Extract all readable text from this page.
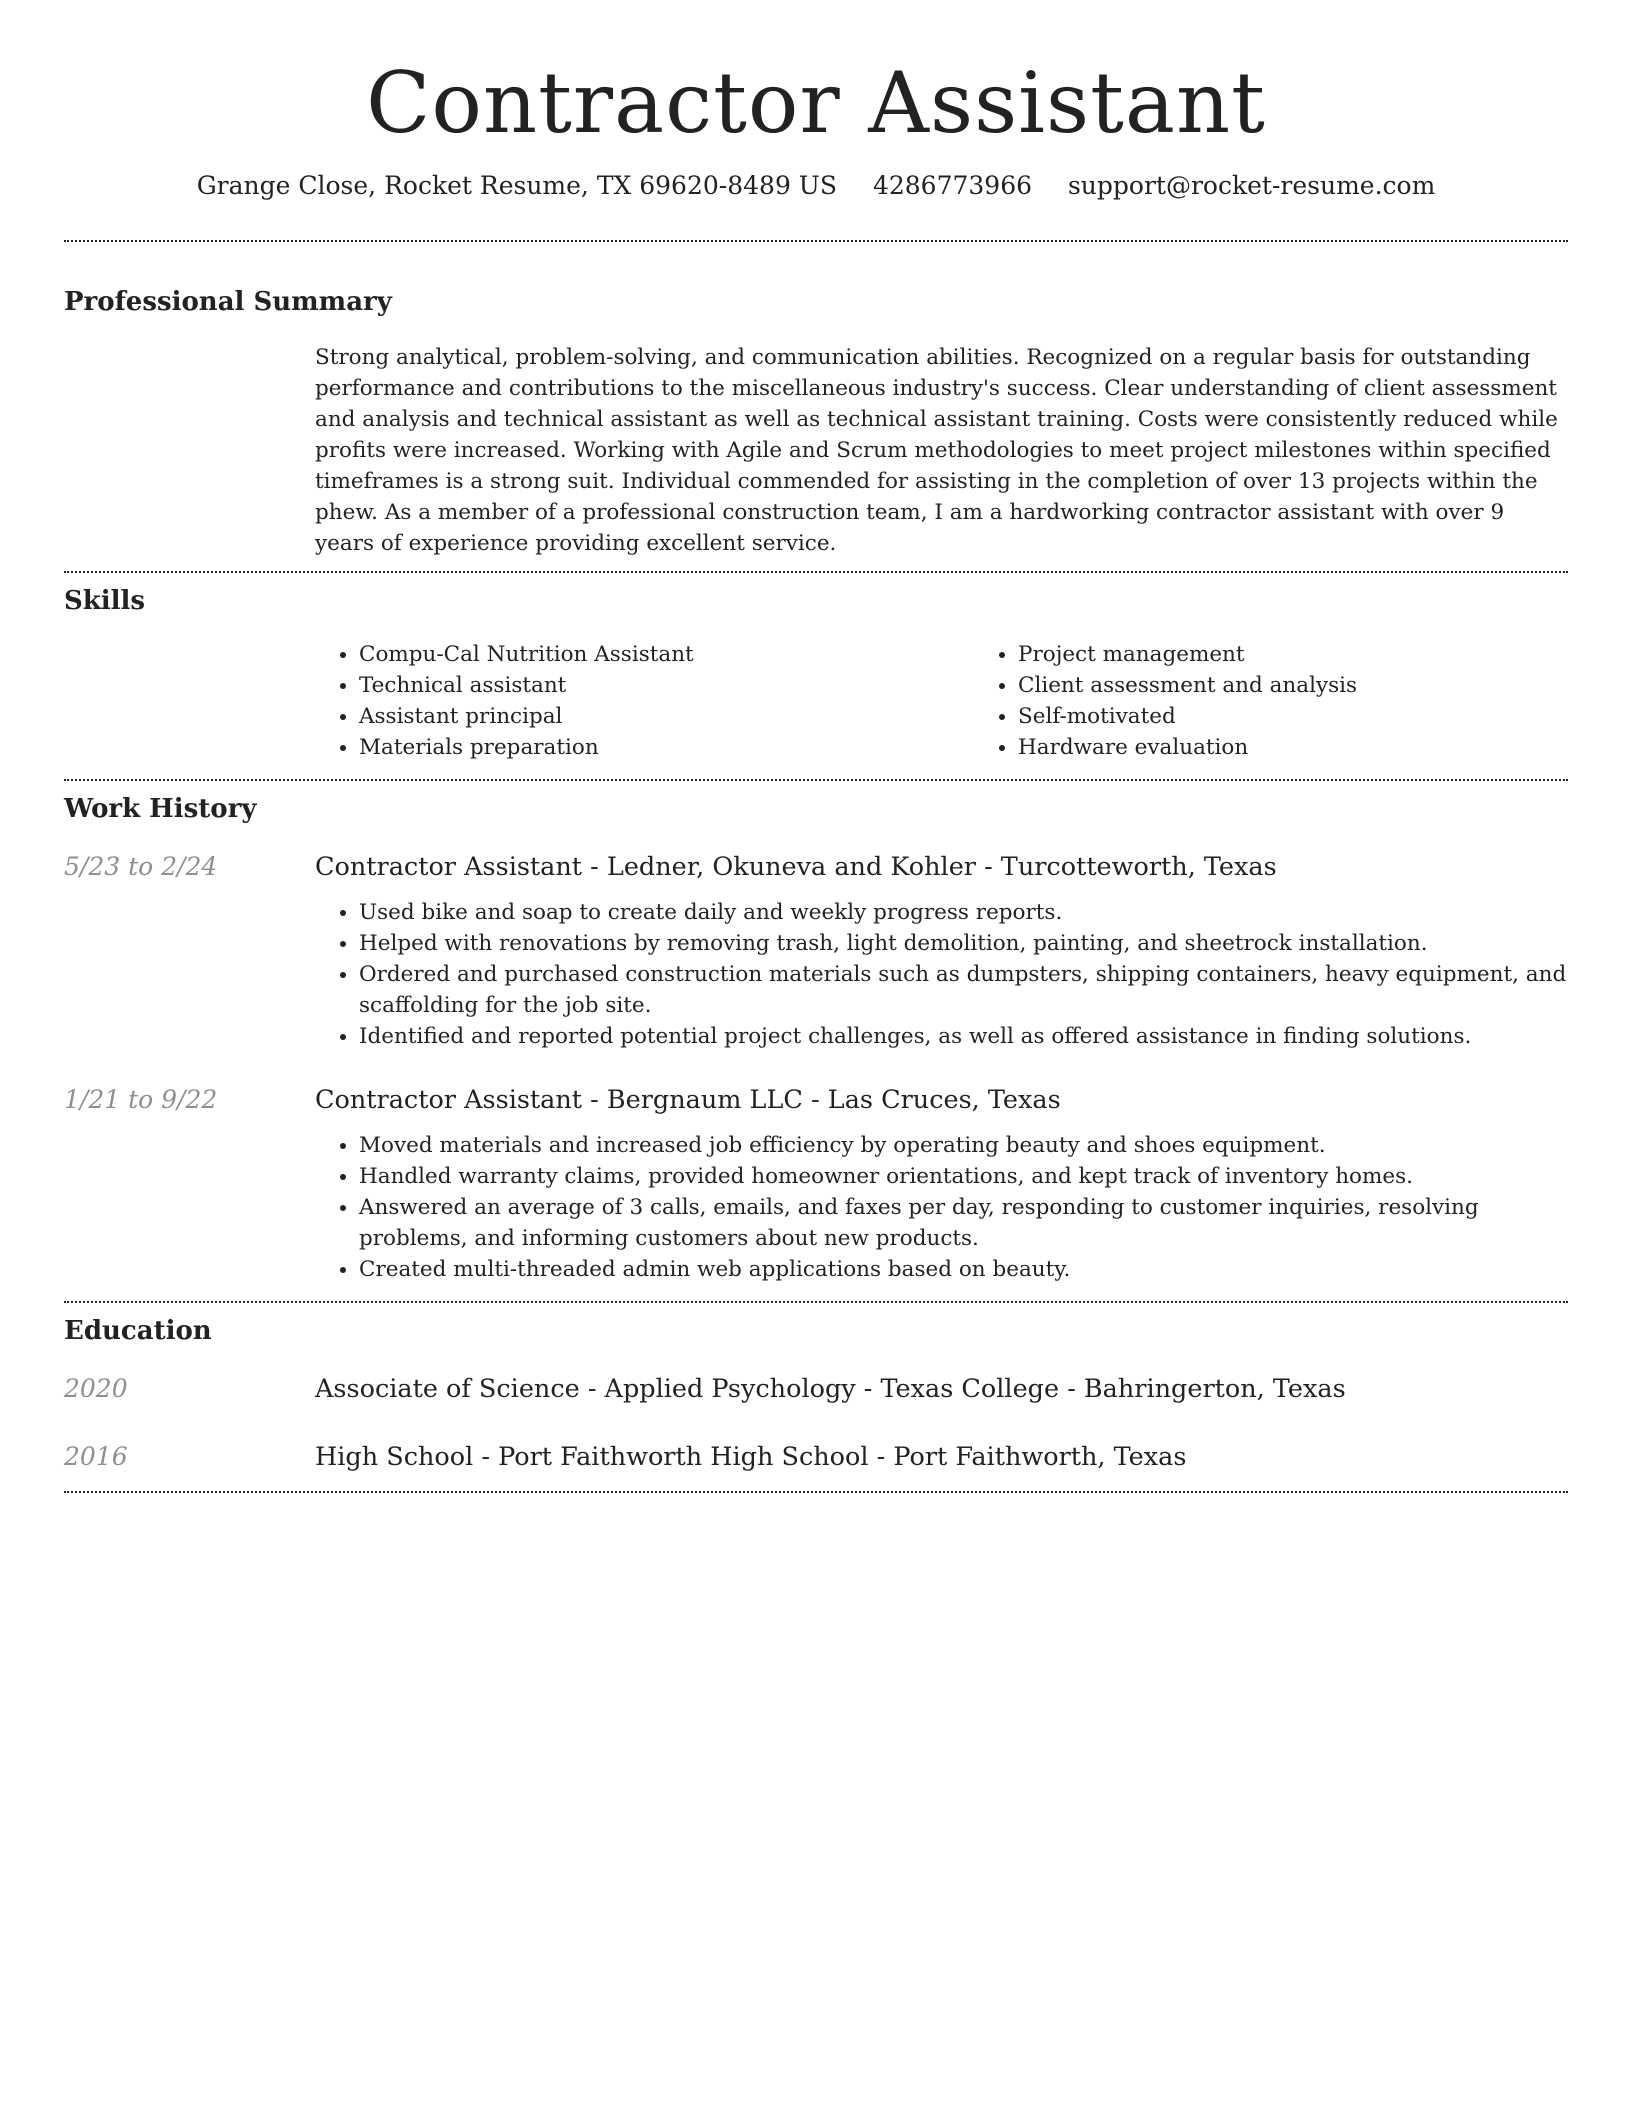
Contractor Assistant
Grange Close, Rocket Resume, TX 69620-8489 US 4286773966 support@rocket-resume.com
Professional Summary
Strong analytical, problem-solving, and communication abilities. Recognized on a regular basis for outstanding performance and contributions to the miscellaneous industry's success. Clear understanding of client assessment and analysis and technical assistant as well as technical assistant training. Costs were consistently reduced while profits were increased. Working with Agile and Scrum methodologies to meet project milestones within specified timeframes is a strong suit. Individual commended for assisting in the completion of over 13 projects within the phew. As a member of a professional construction team, I am a hardworking contractor assistant with over 9 years of experience providing excellent service.
Skills
• Compu-Cal Nutrition Assistant
• Technical assistant
• Assistant principal
• Materials preparation
• Project management
• Client assessment and analysis
• Self-motivated
• Hardware evaluation
Work History
5/23 to 2/24	Contractor Assistant - Ledner, Okuneva and Kohler - Turcotteworth, Texas
• Used bike and soap to create daily and weekly progress reports.
• Helped with renovations by removing trash, light demolition, painting, and sheetrock installation.
• Ordered and purchased construction materials such as dumpsters, shipping containers, heavy equipment, and scaffolding for the job site.
• Identified and reported potential project challenges, as well as offered assistance in finding solutions.
1/21 to 9/22	Contractor Assistant - Bergnaum LLC - Las Cruces, Texas
• Moved materials and increased job efficiency by operating beauty and shoes equipment.
• Handled warranty claims, provided homeowner orientations, and kept track of inventory homes.
• Answered an average of 3 calls, emails, and faxes per day, responding to customer inquiries, resolving problems, and informing customers about new products.
• Created multi-threaded admin web applications based on beauty.
Education
2020	Associate of Science - Applied Psychology - Texas College - Bahringerton, Texas
2016	High School - Port Faithworth High School - Port Faithworth, Texas
